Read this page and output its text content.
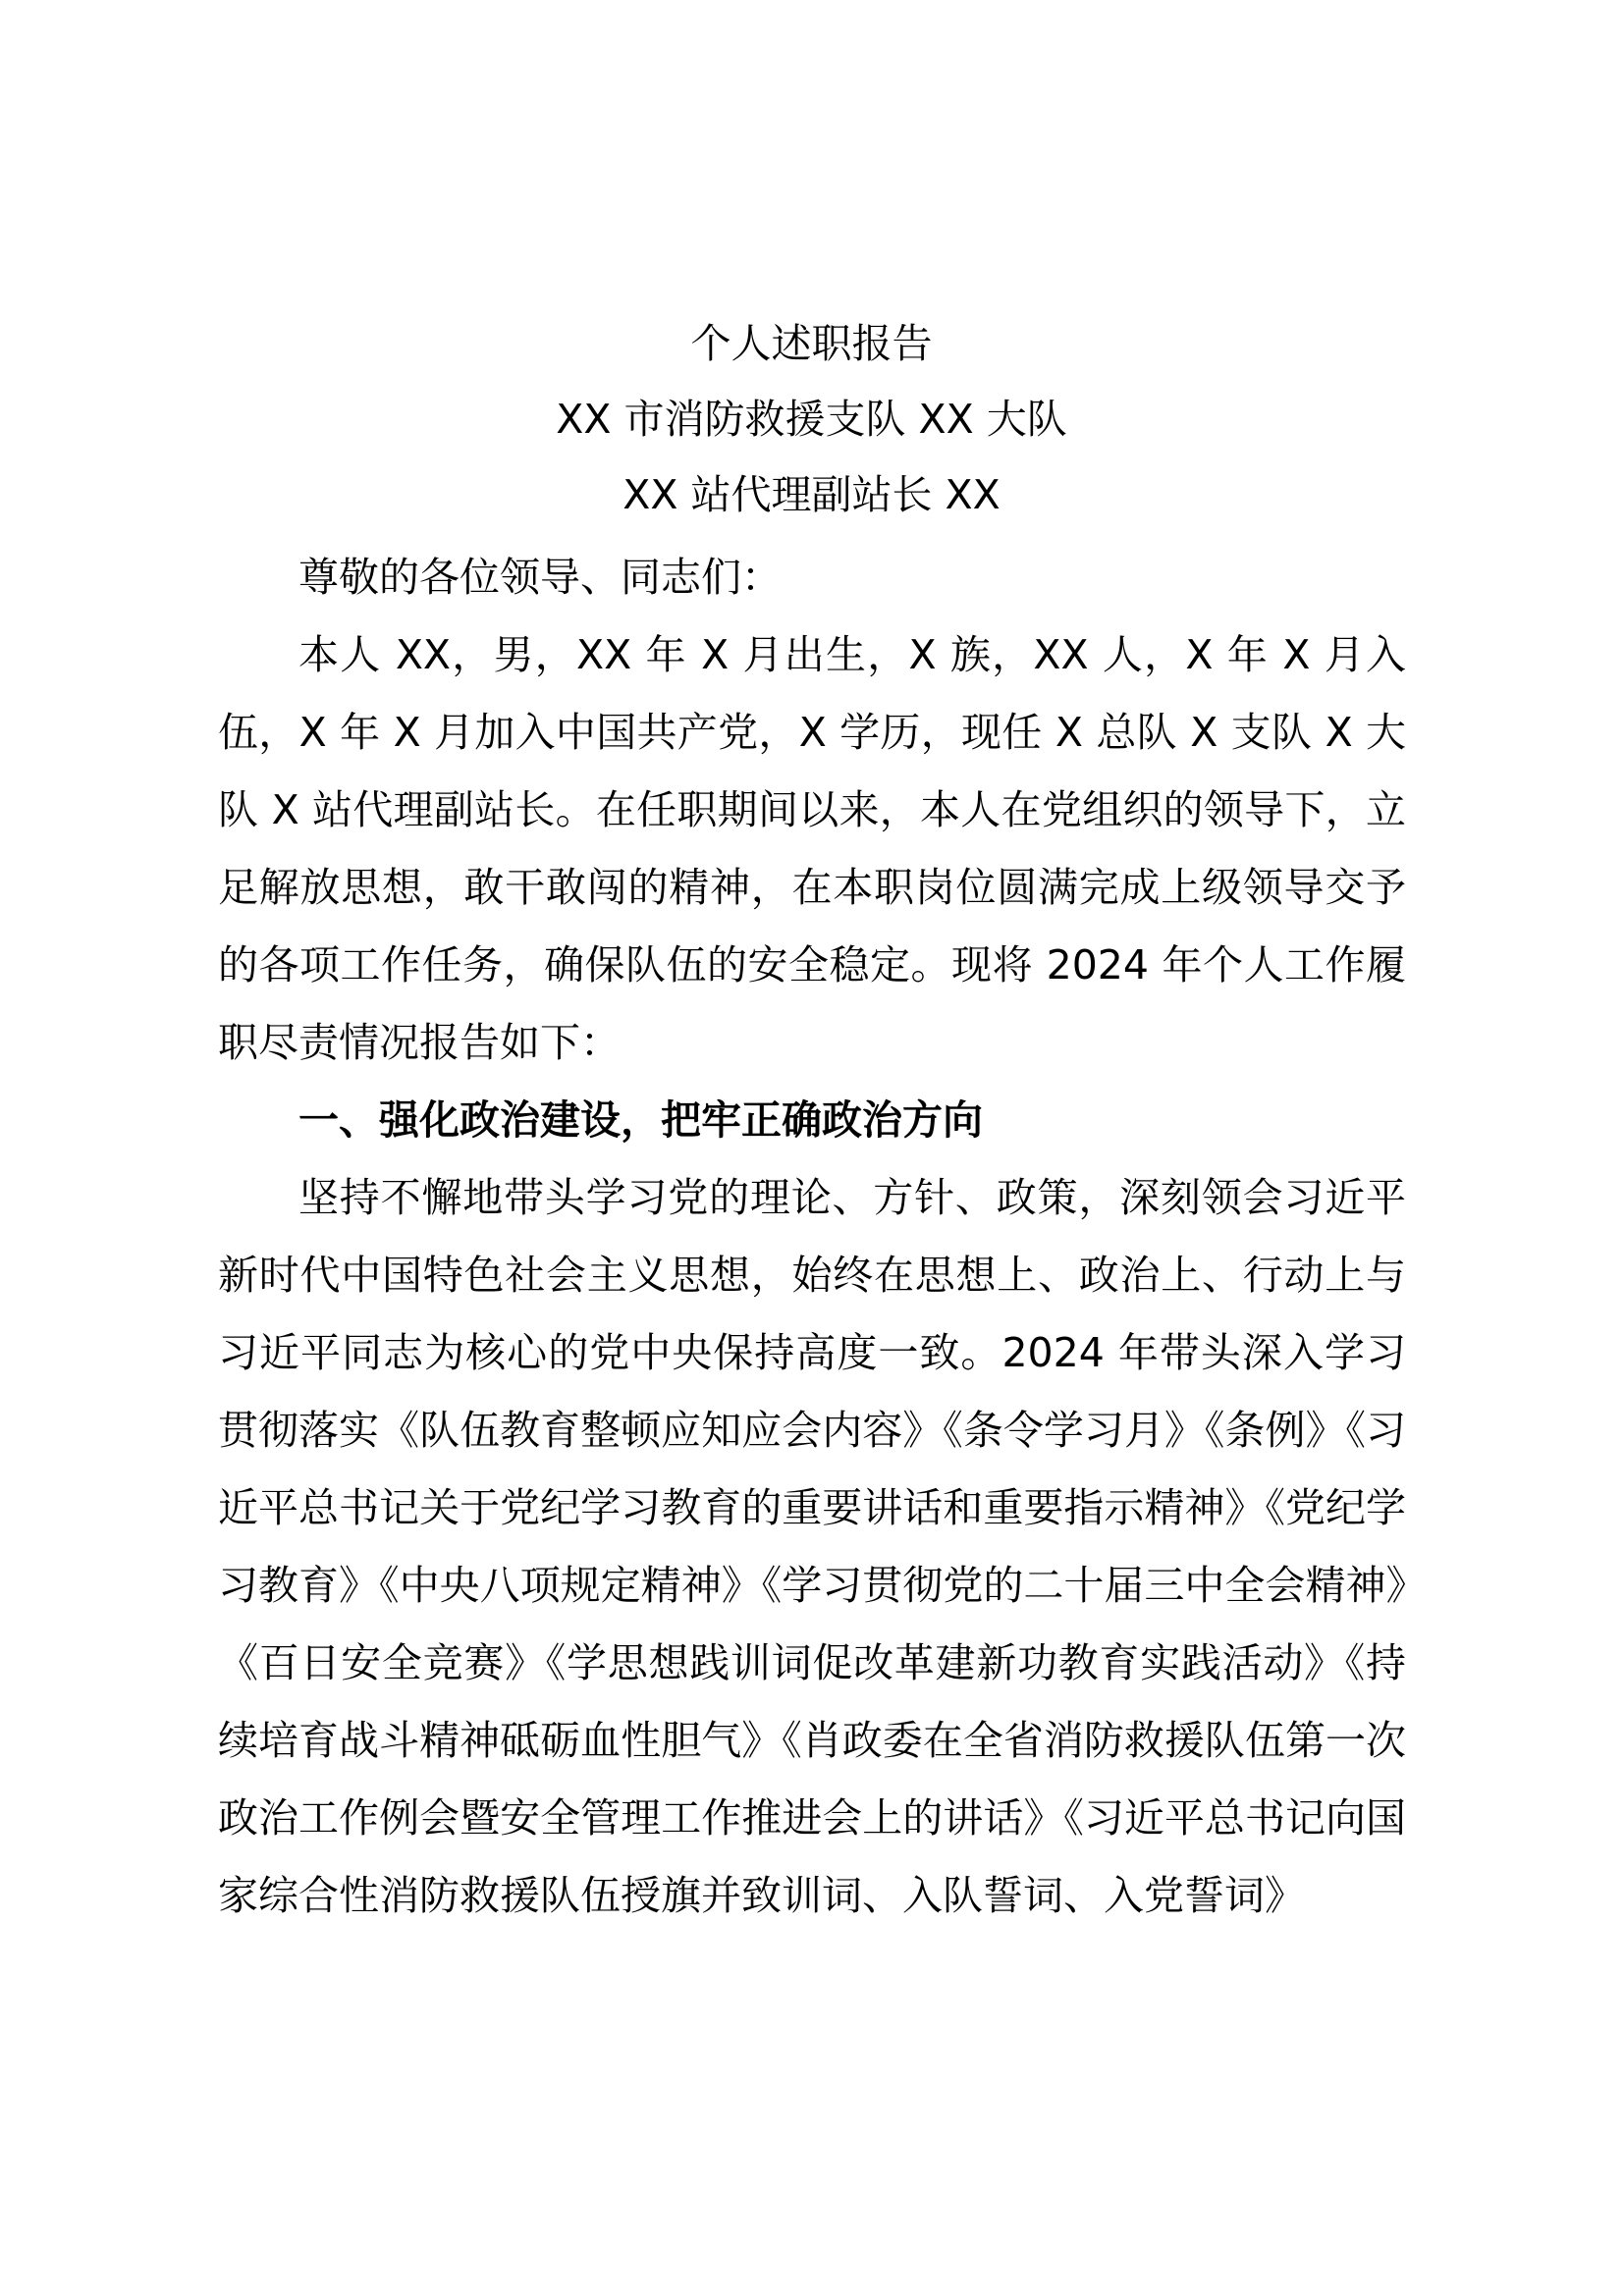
个人述职报告
XX 市消防救援支队 XX 大队
XX 站代理副站长 XX

尊敬的各位领导、同志们：

本人 XX，男，XX 年 X 月出生，X 族，XX 人，X 年 X 月入伍，X 年 X 月加入中国共产党，X 学历，现任 X 总队 X 支队 X 大队 X 站代理副站长。在任职期间以来，本人在党组织的领导下，立足解放思想，敢干敢闯的精神，在本职岗位圆满完成上级领导交予的各项工作任务，确保队伍的安全稳定。现将 2024 年个人工作履职尽责情况报告如下：

一、强化政治建设，把牢正确政治方向

坚持不懈地带头学习党的理论、方针、政策，深刻领会习近平新时代中国特色社会主义思想，始终在思想上、政治上、行动上与习近平同志为核心的党中央保持高度一致。2024 年带头深入学习贯彻落实《队伍教育整顿应知应会内容》《条令学习月》《条例》《习近平总书记关于党纪学习教育的重要讲话和重要指示精神》《党纪学习教育》《中央八项规定精神》《学习贯彻党的二十届三中全会精神》《百日安全竞赛》《学思想践训词促改革建新功教育实践活动》《持续培育战斗精神砥砺血性胆气》《肖政委在全省消防救援队伍第一次政治工作例会暨安全管理工作推进会上的讲话》《习近平总书记向国家综合性消防救援队伍授旗并致训词、入队誓词、入党誓词》
